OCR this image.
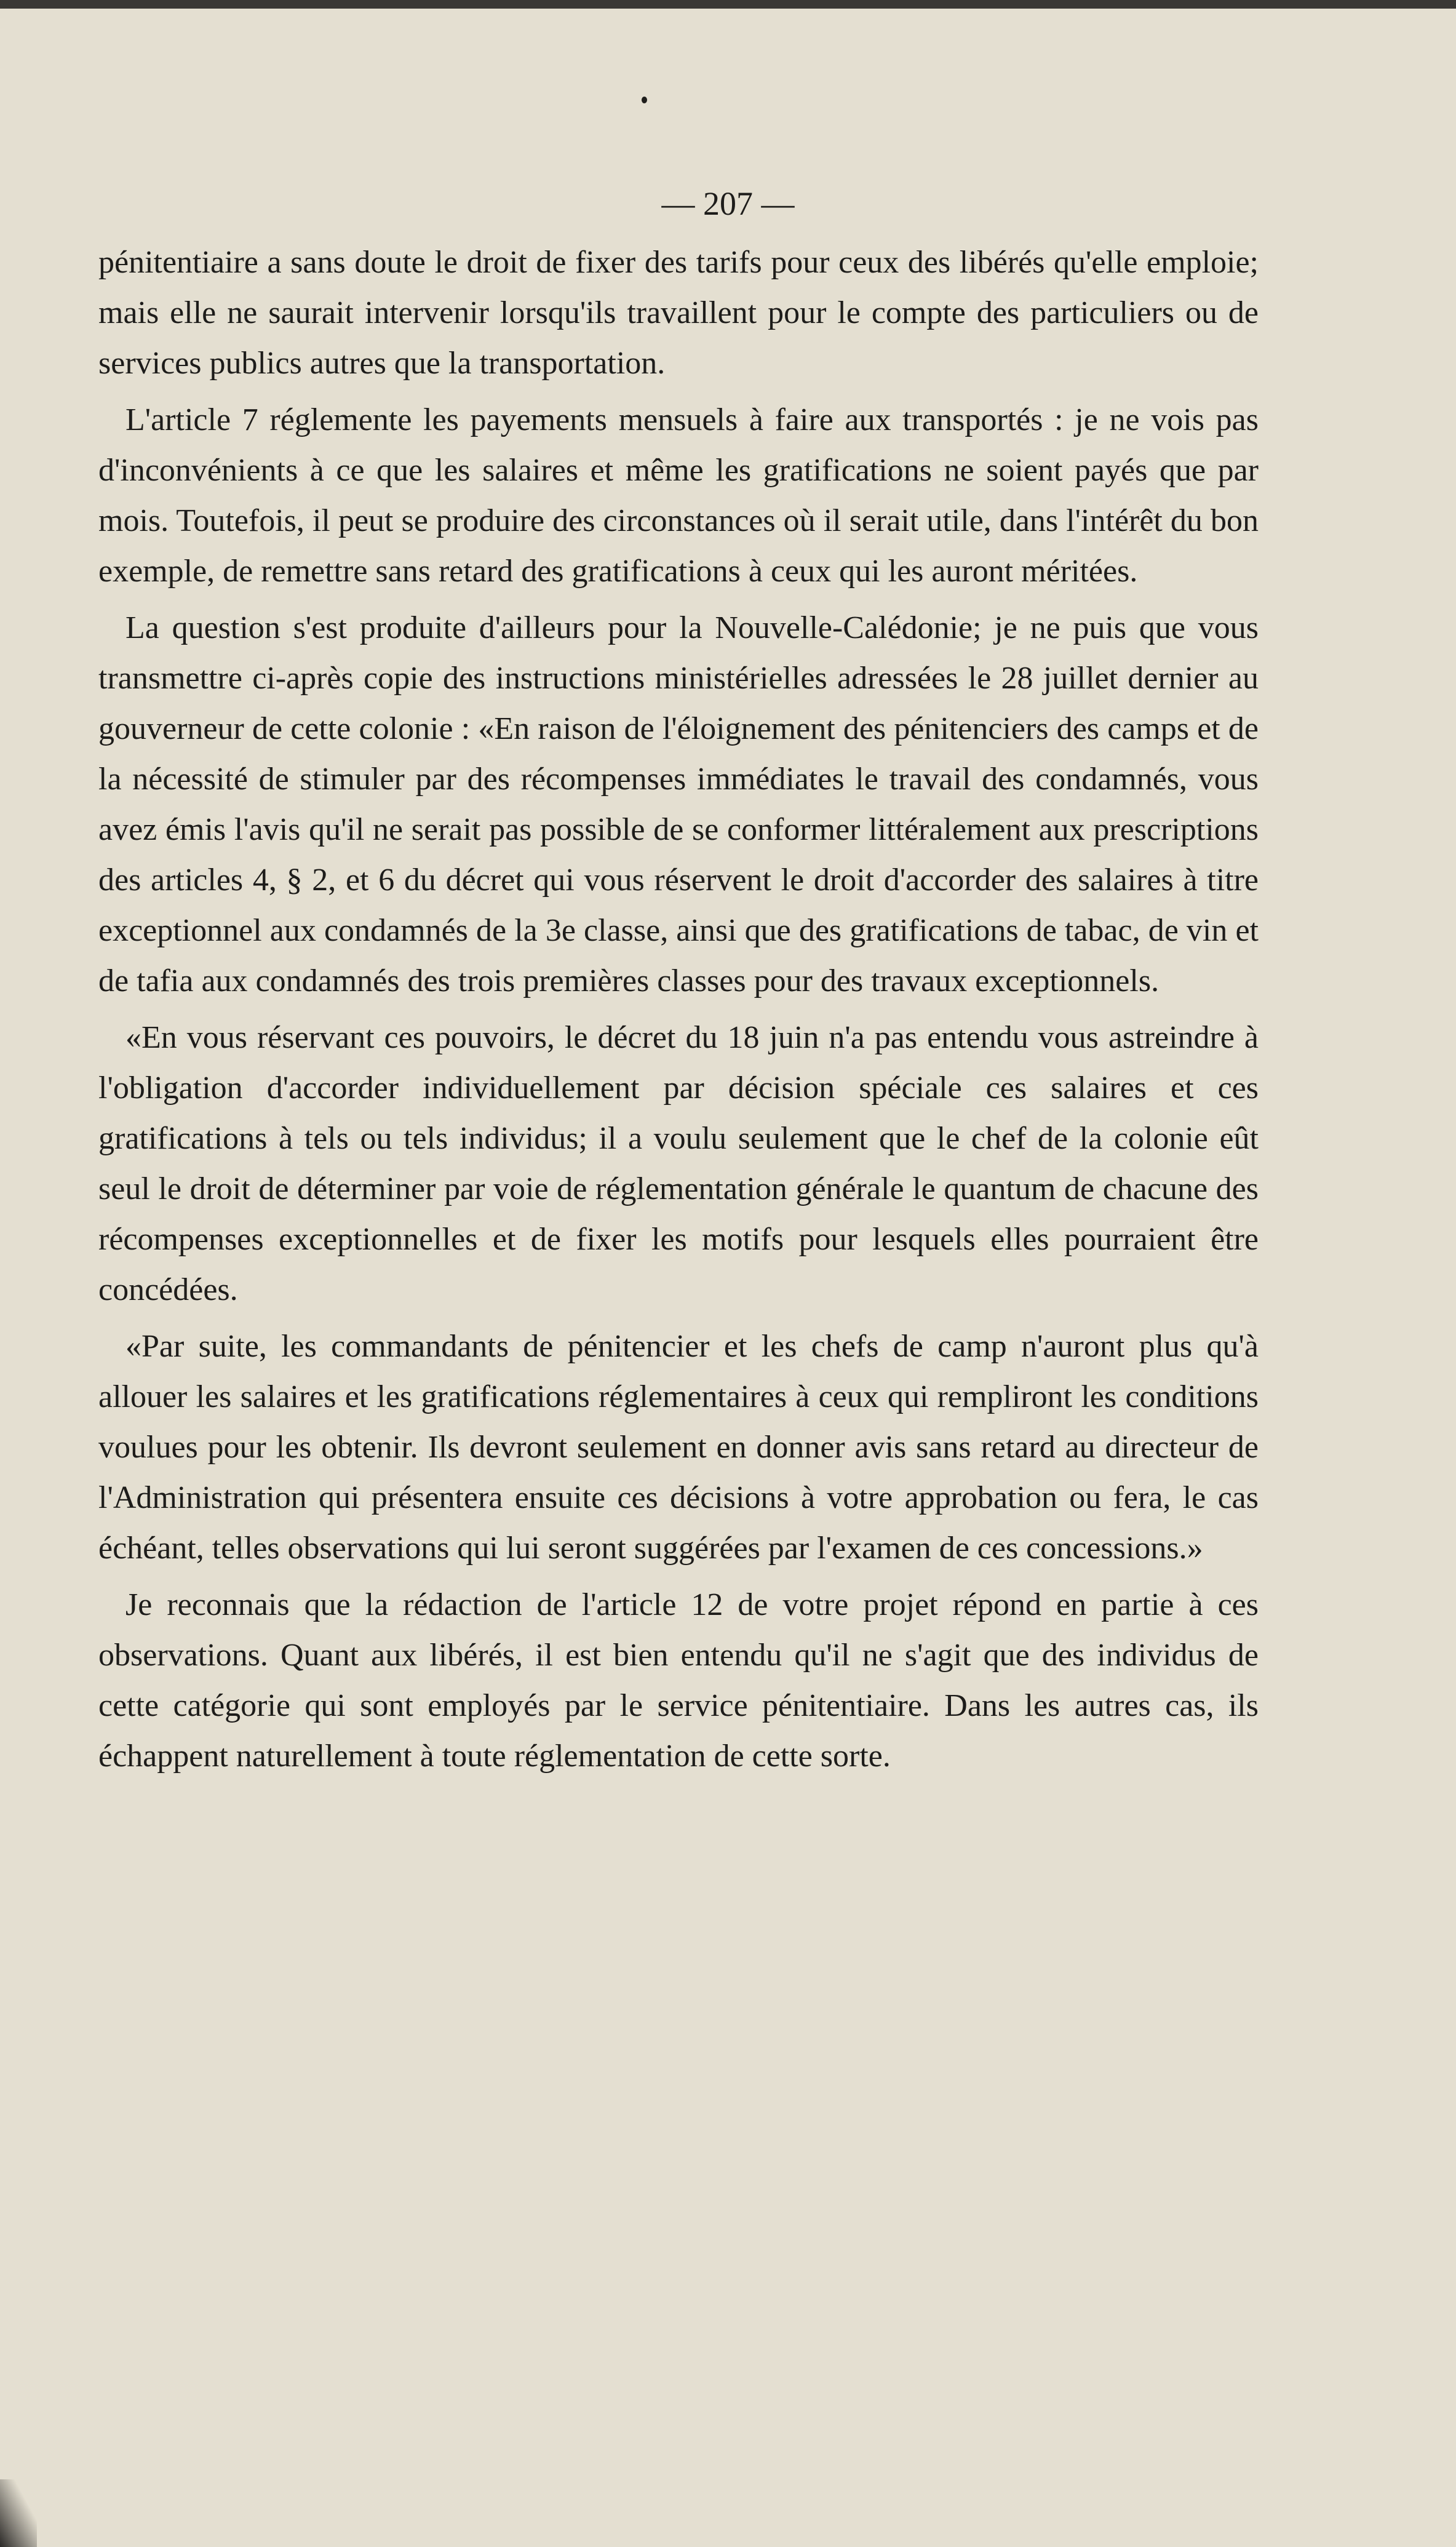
— 207 —

pénitentiaire a sans doute le droit de fixer des tarifs pour ceux des libérés qu'elle emploie; mais elle ne saurait intervenir lorsqu'ils travaillent pour le compte des particuliers ou de services publics autres que la transportation.

L'article 7 réglemente les payements mensuels à faire aux transportés : je ne vois pas d'inconvénients à ce que les salaires et même les gratifications ne soient payés que par mois. Toutefois, il peut se produire des circonstances où il serait utile, dans l'intérêt du bon exemple, de remettre sans retard des gratifications à ceux qui les auront méritées.

La question s'est produite d'ailleurs pour la Nouvelle-Calédonie; je ne puis que vous transmettre ci-après copie des instructions ministérielles adressées le 28 juillet dernier au gouverneur de cette colonie : «En raison de l'éloignement des pénitenciers des camps et de la nécessité de stimuler par des récompenses immédiates le travail des condamnés, vous avez émis l'avis qu'il ne serait pas possible de se conformer littéralement aux prescriptions des articles 4, § 2, et 6 du décret qui vous réservent le droit d'accorder des salaires à titre exceptionnel aux condamnés de la 3e classe, ainsi que des gratifications de tabac, de vin et de tafia aux condamnés des trois premières classes pour des travaux exceptionnels.

«En vous réservant ces pouvoirs, le décret du 18 juin n'a pas entendu vous astreindre à l'obligation d'accorder individuellement par décision spéciale ces salaires et ces gratifications à tels ou tels individus; il a voulu seulement que le chef de la colonie eût seul le droit de déterminer par voie de réglementation générale le quantum de chacune des récompenses exceptionnelles et de fixer les motifs pour lesquels elles pourraient être concédées.

«Par suite, les commandants de pénitencier et les chefs de camp n'auront plus qu'à allouer les salaires et les gratifications réglementaires à ceux qui rempliront les conditions voulues pour les obtenir. Ils devront seulement en donner avis sans retard au directeur de l'Administration qui présentera ensuite ces décisions à votre approbation ou fera, le cas échéant, telles observations qui lui seront suggérées par l'examen de ces concessions.»

Je reconnais que la rédaction de l'article 12 de votre projet répond en partie à ces observations. Quant aux libérés, il est bien entendu qu'il ne s'agit que des individus de cette catégorie qui sont employés par le service pénitentiaire. Dans les autres cas, ils échappent naturellement à toute réglementation de cette sorte.
